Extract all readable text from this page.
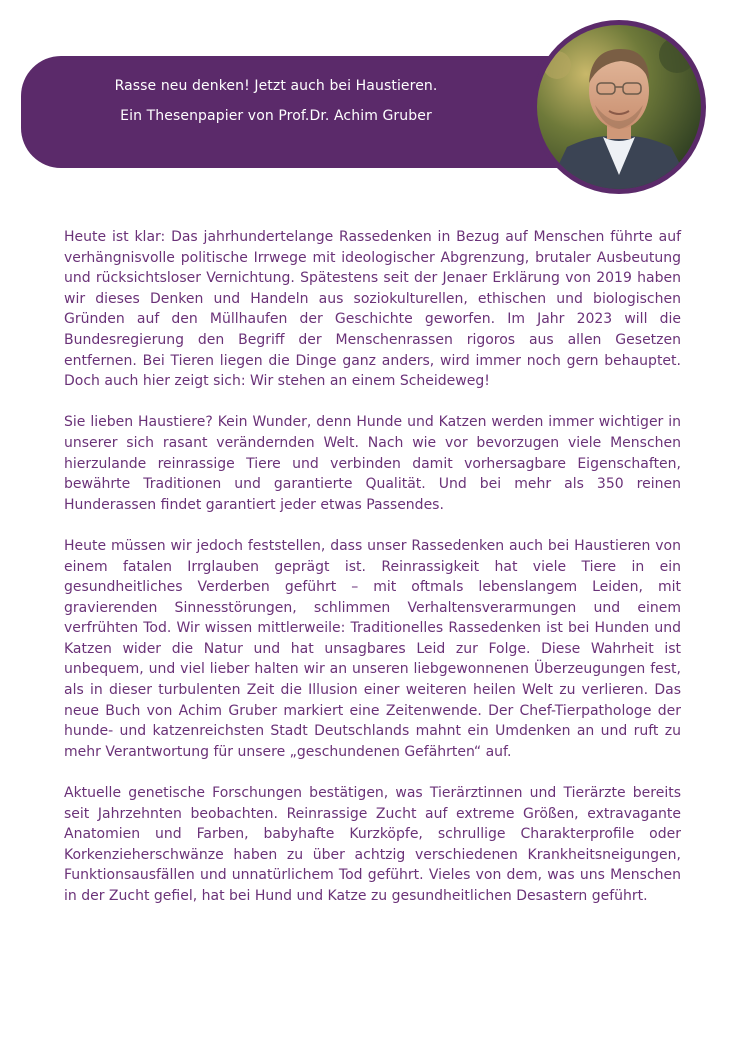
Rasse neu denken! Jetzt auch bei Haustieren.
Ein Thesenpapier von Prof.Dr. Achim Gruber

Heute ist klar: Das jahrhundertelange Rassedenken in Bezug auf Menschen führte auf verhängnisvolle politische Irrwege mit ideologischer Abgrenzung, brutaler Ausbeutung und rücksichtsloser Vernichtung. Spätestens seit der Jenaer Erklärung von 2019 haben wir dieses Denken und Handeln aus soziokulturellen, ethischen und biologischen Gründen auf den Müllhaufen der Geschichte geworfen. Im Jahr 2023 will die Bundesregierung den Begriff der Menschenrassen rigoros aus allen Gesetzen entfernen. Bei Tieren liegen die Dinge ganz anders, wird immer noch gern behauptet. Doch auch hier zeigt sich: Wir stehen an einem Scheideweg!

Sie lieben Haustiere? Kein Wunder, denn Hunde und Katzen werden immer wichtiger in unserer sich rasant verändernden Welt. Nach wie vor bevorzugen viele Menschen hierzulande reinrassige Tiere und verbinden damit vorhersagbare Eigenschaften, bewährte Traditionen und garantierte Qualität. Und bei mehr als 350 reinen Hunderassen findet garantiert jeder etwas Passendes.

Heute müssen wir jedoch feststellen, dass unser Rassedenken auch bei Haustieren von einem fatalen Irrglauben geprägt ist. Reinrassigkeit hat viele Tiere in ein gesundheitliches Verderben geführt – mit oftmals lebenslangem Leiden, mit gravierenden Sinnesstörungen, schlimmen Verhaltensverarmungen und einem verfrühten Tod. Wir wissen mittlerweile: Traditionelles Rassedenken ist bei Hunden und Katzen wider die Natur und hat unsagbares Leid zur Folge. Diese Wahrheit ist unbequem, und viel lieber halten wir an unseren liebgewonnenen Überzeugungen fest, als in dieser turbulenten Zeit die Illusion einer weiteren heilen Welt zu verlieren. Das neue Buch von Achim Gruber markiert eine Zeitenwende. Der Chef-Tierpathologe der hunde- und katzenreichsten Stadt Deutschlands mahnt ein Umdenken an und ruft zu mehr Verantwortung für unsere „geschundenen Gefährten“ auf.

Aktuelle genetische Forschungen bestätigen, was Tierärztinnen und Tierärzte bereits seit Jahrzehnten beobachten. Reinrassige Zucht auf extreme Größen, extravagante Anatomien und Farben, babyhafte Kurzköpfe, schrullige Charakterprofile oder Korkenzieherschwänze haben zu über achtzig verschiedenen Krankheitsneigungen, Funktionsausfällen und unnatürlichem Tod geführt. Vieles von dem, was uns Menschen in der Zucht gefiel, hat bei Hund und Katze zu gesundheitlichen Desastern geführt.
